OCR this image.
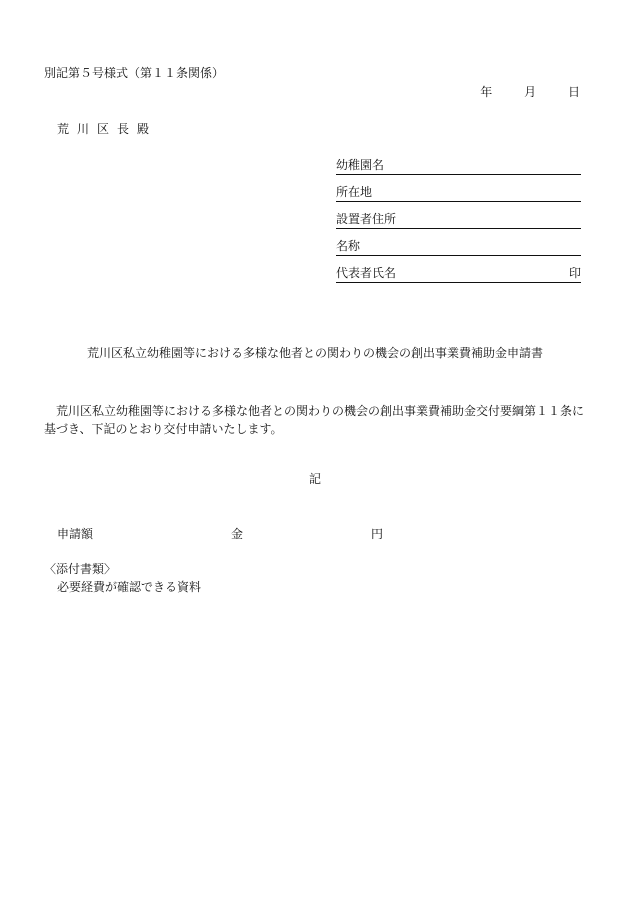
別記第５号様式（第１１条関係）
年	月	日
荒川区長殿
幼稚園名
所在地
設置者住所
名称
代表者氏名	印
荒川区私立幼稚園等における多様な他者との関わりの機会の創出事業費補助金申請書
荒川区私立幼稚園等における多様な他者との関わりの機会の創出事業費補助金交付要綱第１１条に基づき、下記のとおり交付申請いたします。
記
申請額	金	円
〈添付書類〉
必要経費が確認できる資料
